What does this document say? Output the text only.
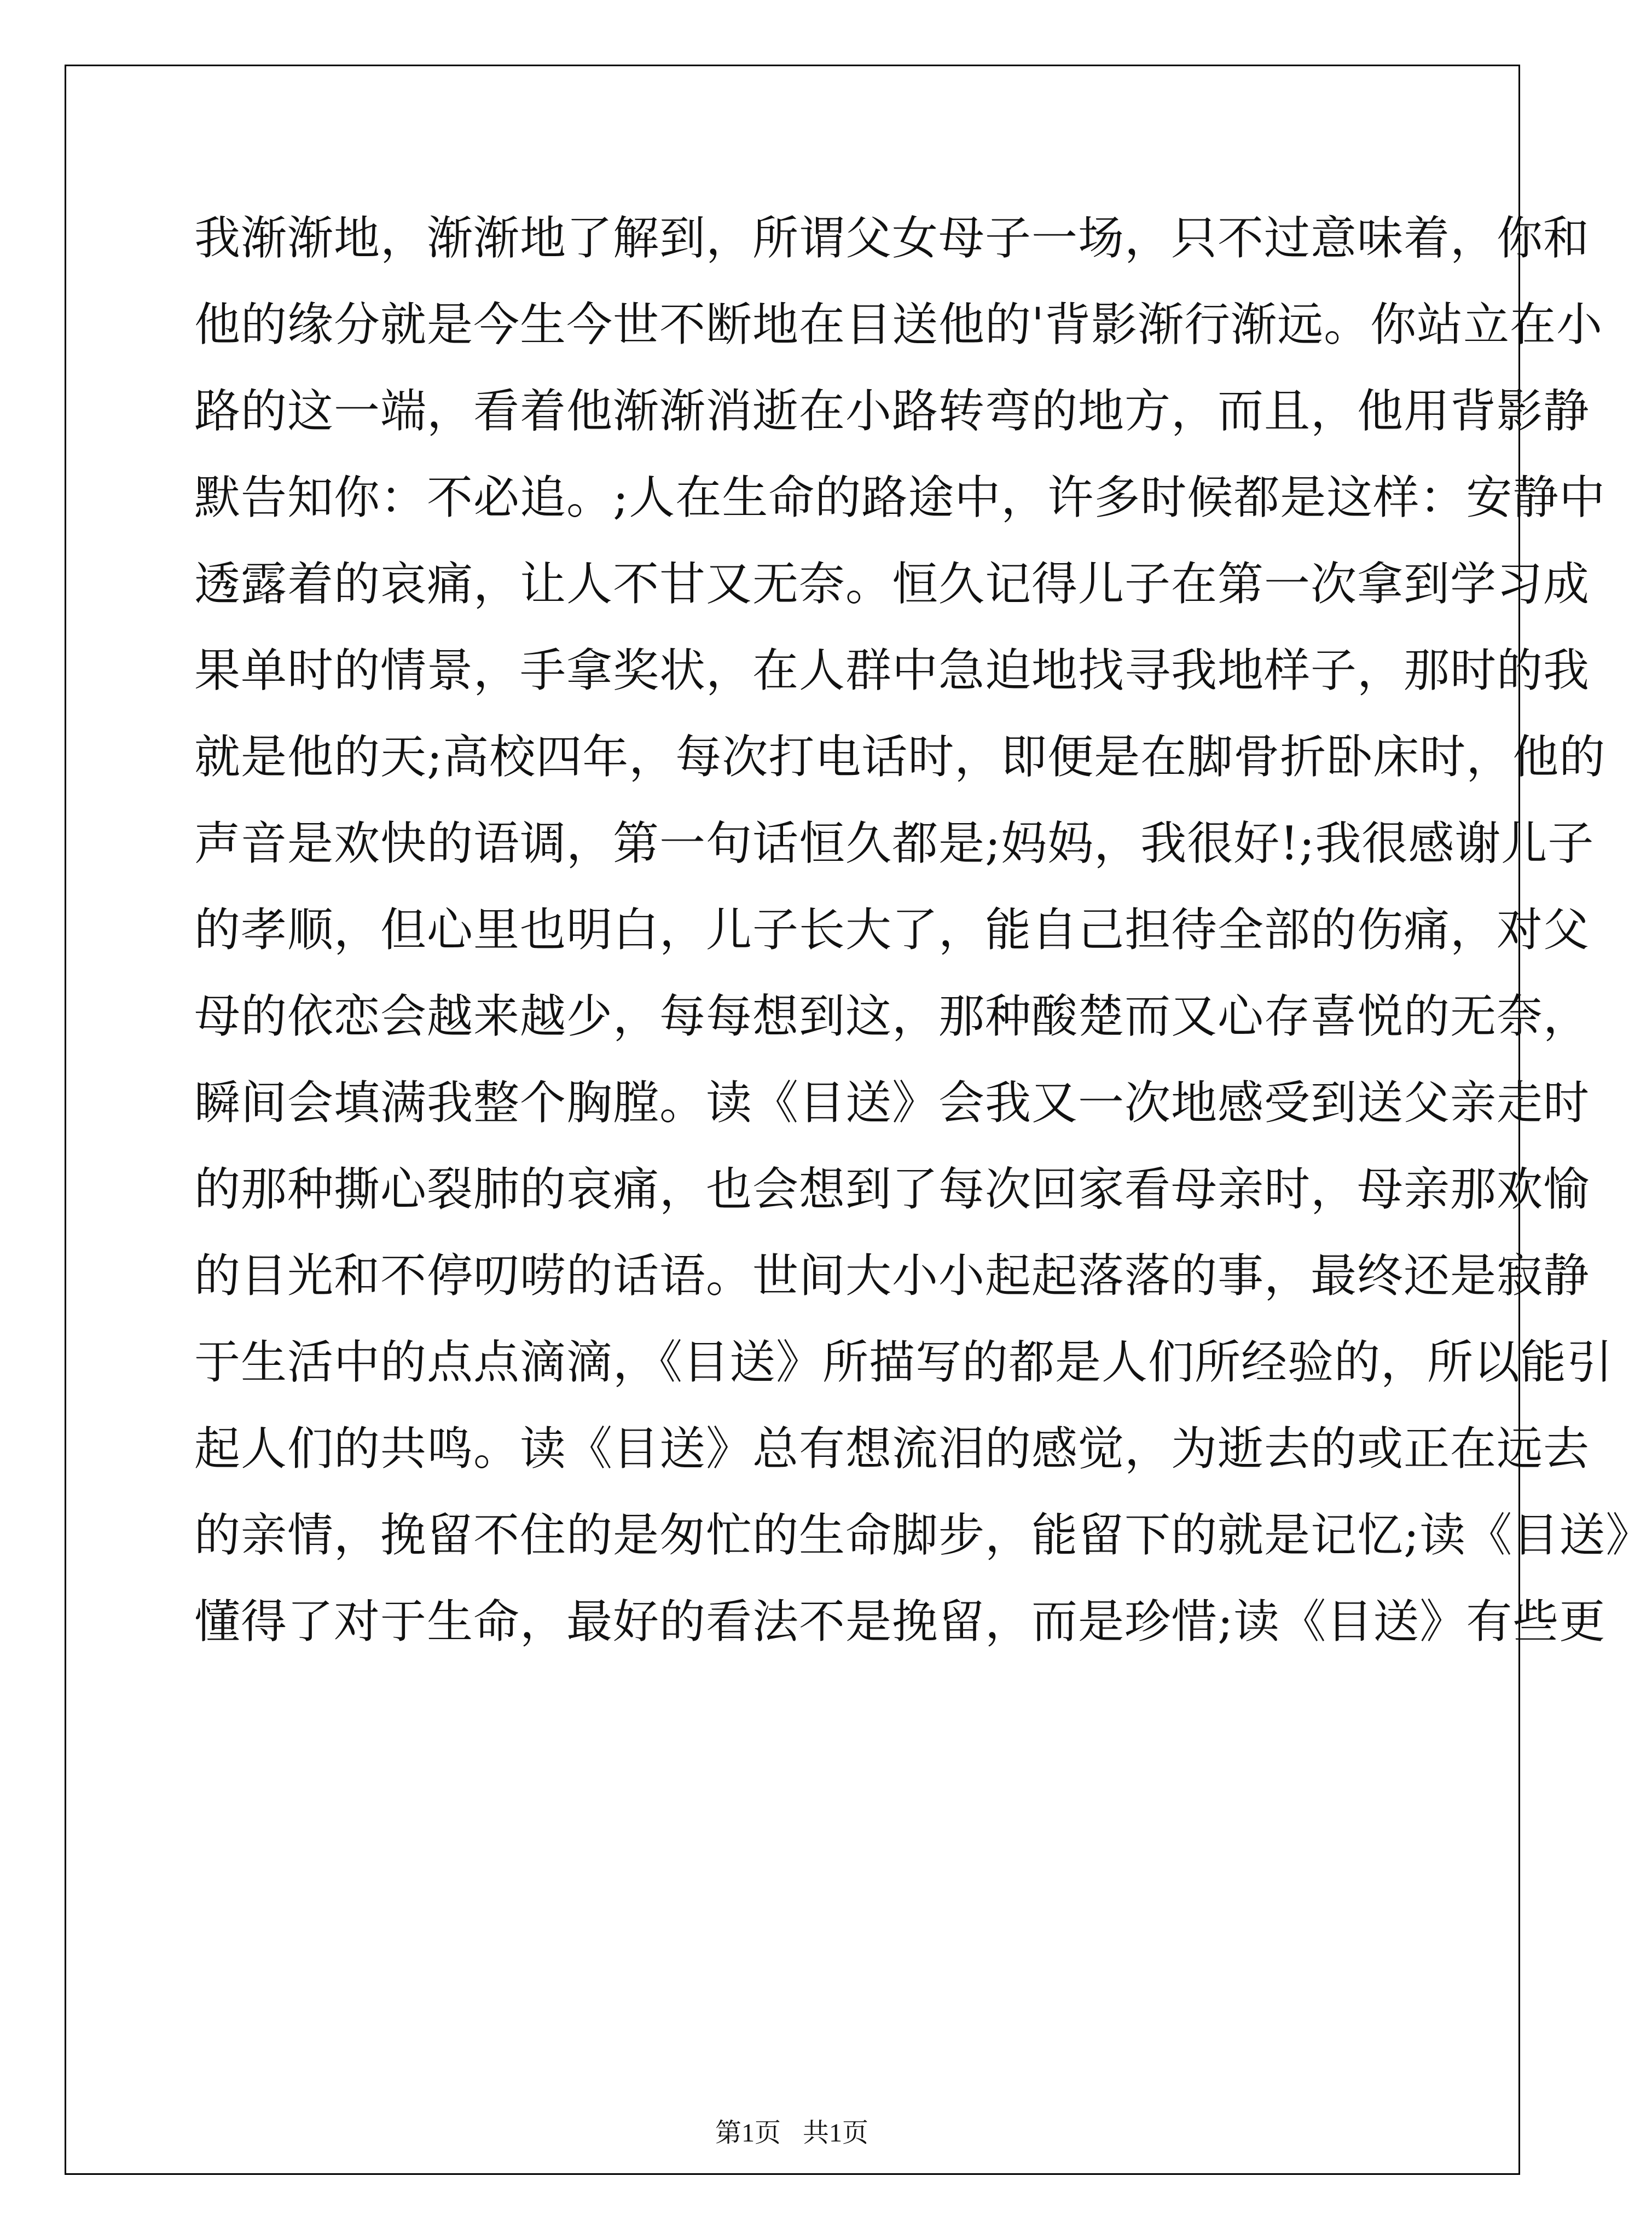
我渐渐地，渐渐地了解到，所谓父女母子一场，只不过意味着，你和
他的缘分就是今生今世不断地在目送他的'背影渐行渐远。你站立在小
路的这一端，看着他渐渐消逝在小路转弯的地方，而且，他用背影静
默告知你：不必追。;人在生命的路途中，许多时候都是这样：安静中
透露着的哀痛，让人不甘又无奈。恒久记得儿子在第一次拿到学习成
果单时的情景，手拿奖状，在人群中急迫地找寻我地样子，那时的我
就是他的天;高校四年，每次打电话时，即便是在脚骨折卧床时，他的
声音是欢快的语调，第一句话恒久都是;妈妈，我很好!;我很感谢儿子
的孝顺，但心里也明白，儿子长大了，能自己担待全部的伤痛，对父
母的依恋会越来越少，每每想到这，那种酸楚而又心存喜悦的无奈，
瞬间会填满我整个胸膛。读《目送》会我又一次地感受到送父亲走时
的那种撕心裂肺的哀痛，也会想到了每次回家看母亲时，母亲那欢愉
的目光和不停叨唠的话语。世间大小小起起落落的事，最终还是寂静
于生活中的点点滴滴，《目送》所描写的都是人们所经验的，所以能引
起人们的共鸣。读《目送》总有想流泪的感觉，为逝去的或正在远去
的亲情，挽留不住的是匆忙的生命脚步，能留下的就是记忆;读《目送》
懂得了对于生命，最好的看法不是挽留，而是珍惜;读《目送》有些更
第1页 共1页
